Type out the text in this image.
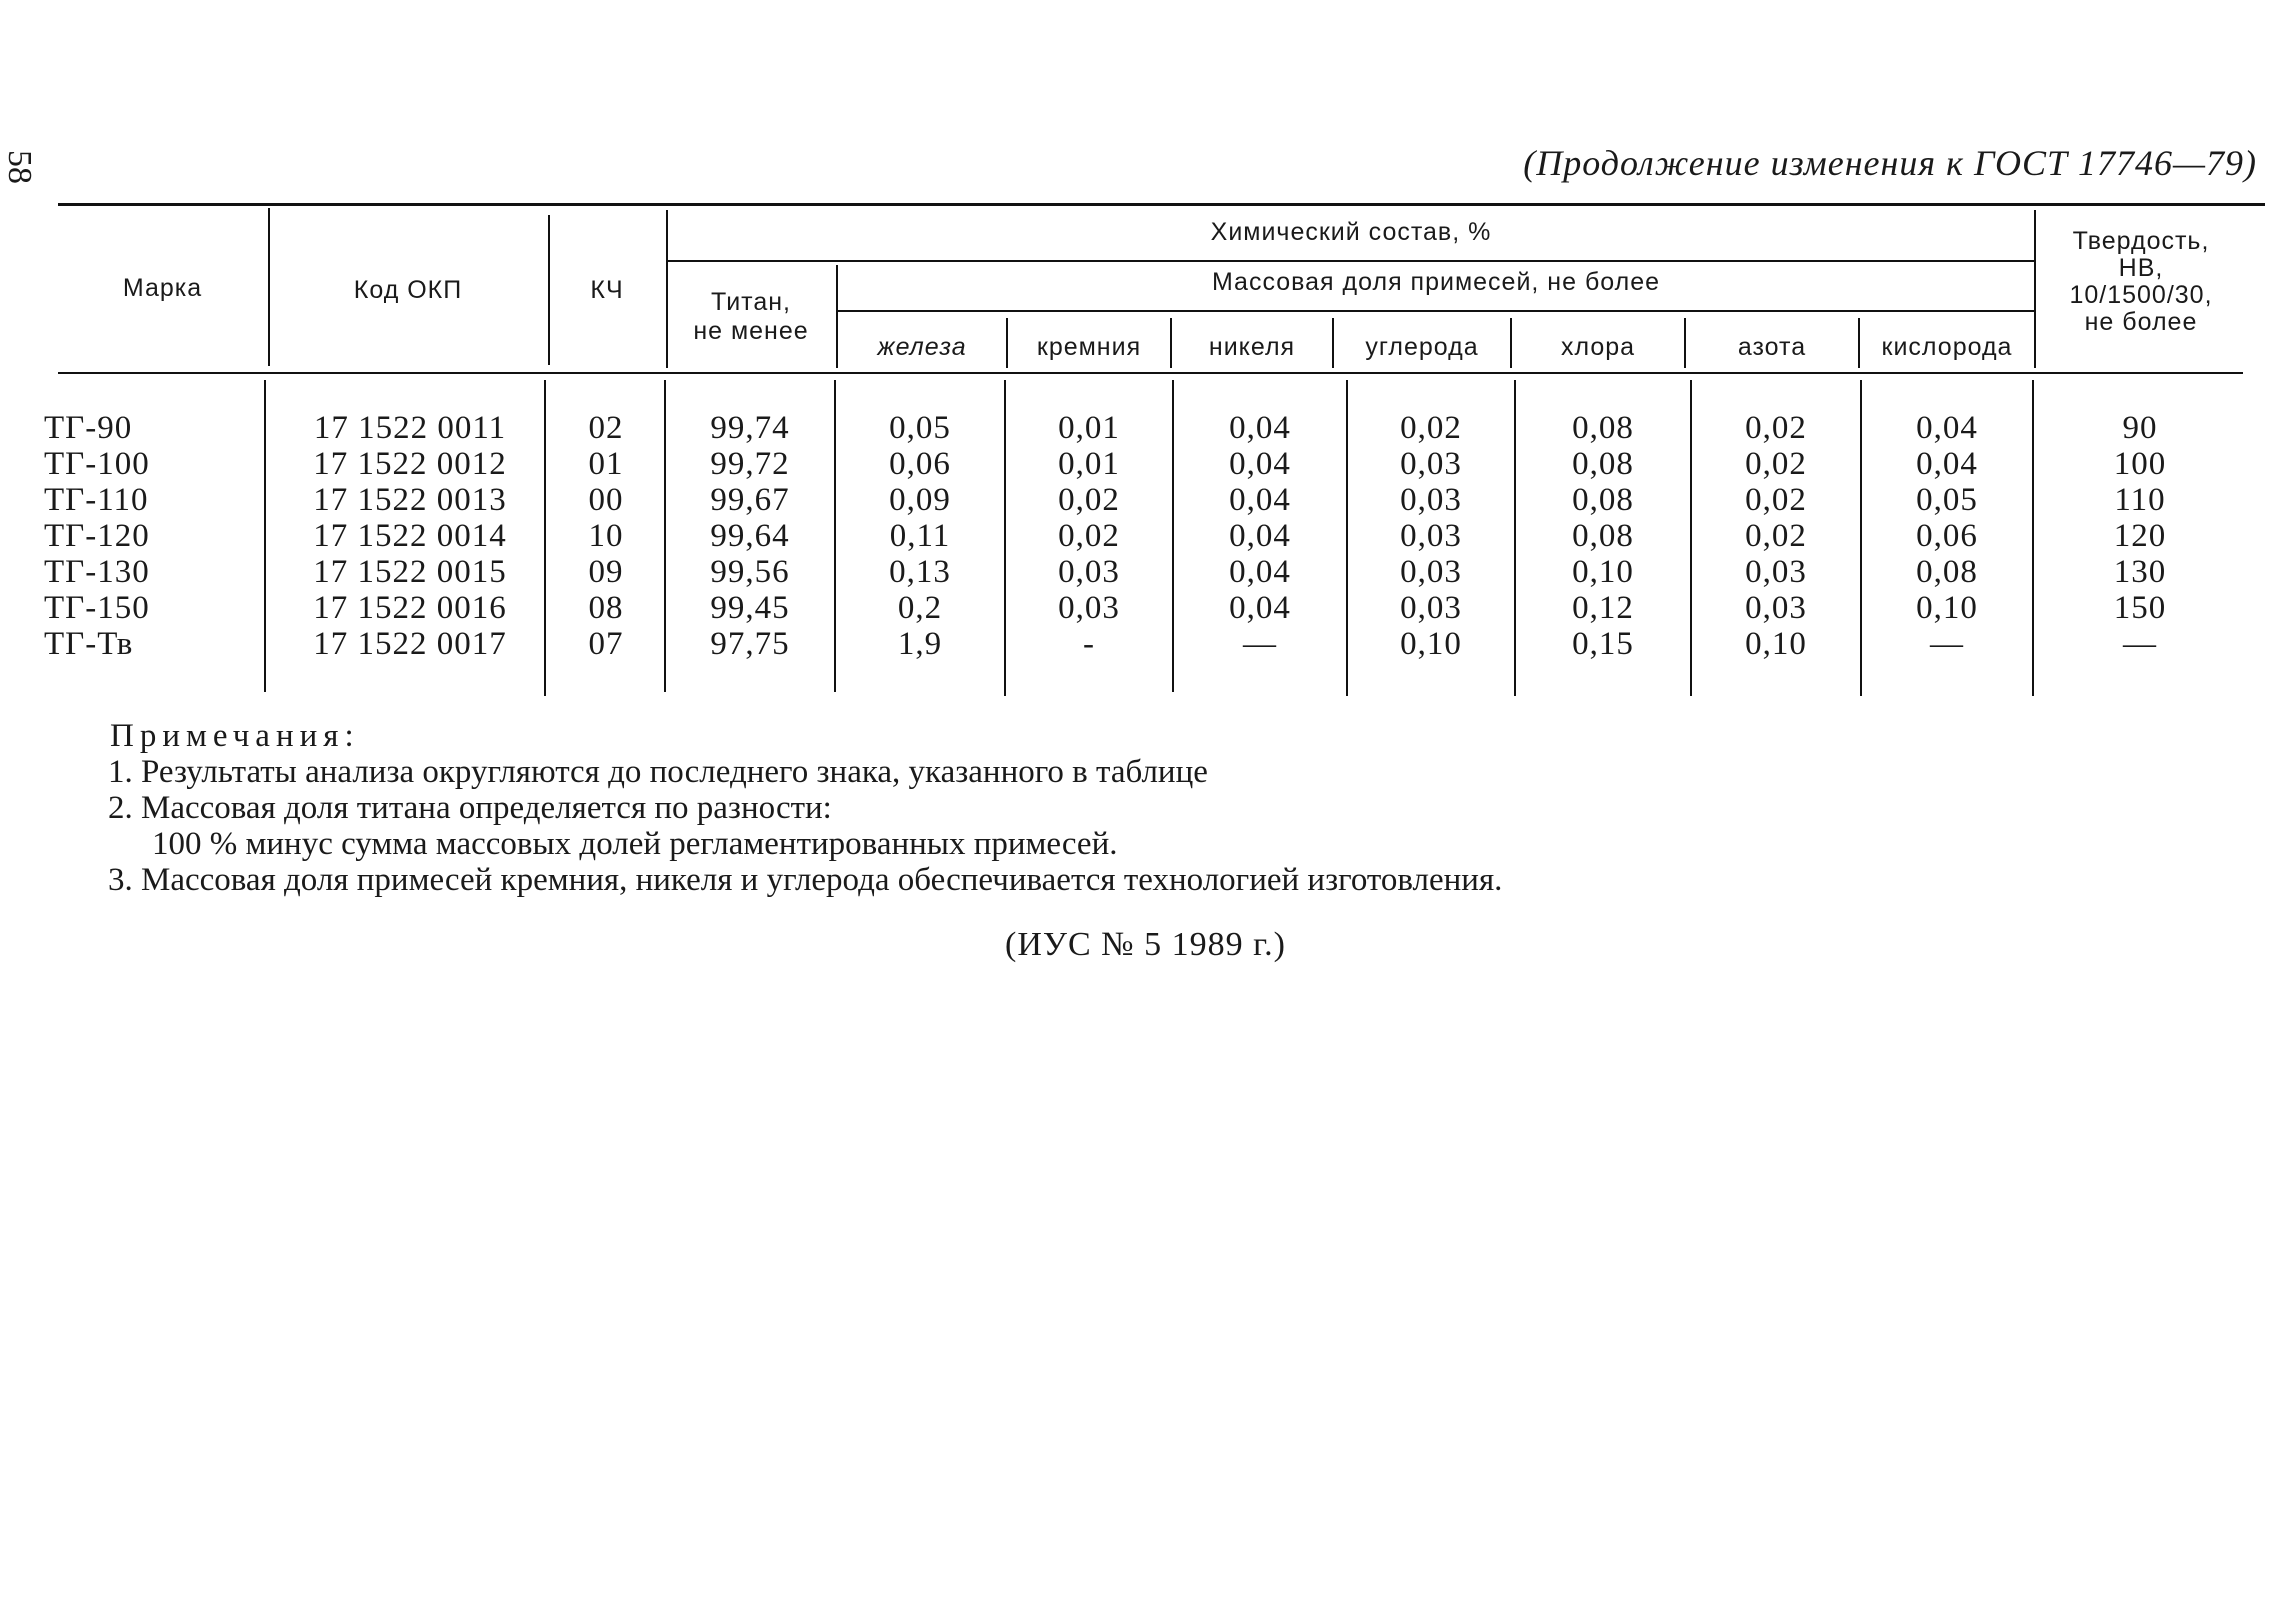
58	(Продолжение изменения к ГОСТ 17746—79)
Марка	Код ОКП	КЧ
Химический состав, %
Титан,
не менее
Массовая доля примесей, не более
железа	кремния	никеля	углерода	хлора	азота	кислорода
Твердость,
НВ,
10/1500/30,
не более
ТГ-90	17 1522 0011	02	99,74	0,05	0,01	0,04	0,02	0,08	0,02	0,04	90
ТГ-100	17 1522 0012	01	99,72	0,06	0,01	0,04	0,03	0,08	0,02	0,04	100
ТГ-110	17 1522 0013	00	99,67	0,09	0,02	0,04	0,03	0,08	0,02	0,05	110
ТГ-120	17 1522 0014	10	99,64	0,11	0,02	0,04	0,03	0,08	0,02	0,06	120
ТГ-130	17 1522 0015	09	99,56	0,13	0,03	0,04	0,03	0,10	0,03	0,08	130
ТГ-150	17 1522 0016	08	99,45	0,2	0,03	0,04	0,03	0,12	0,03	0,10	150
ТГ-Тв	17 1522 0017	07	97,75	1,9	-	—	0,10	0,15	0,10	—	—
Примечания:
1. Результаты анализа округляются до последнего знака, указанного в таблице
2. Массовая доля титана определяется по разности:
100 % минус сумма массовых долей регламентированных примесей.
3. Массовая доля примесей кремния, никеля и углерода обеспечивается технологией изготовления.
(ИУС № 5 1989 г.)
